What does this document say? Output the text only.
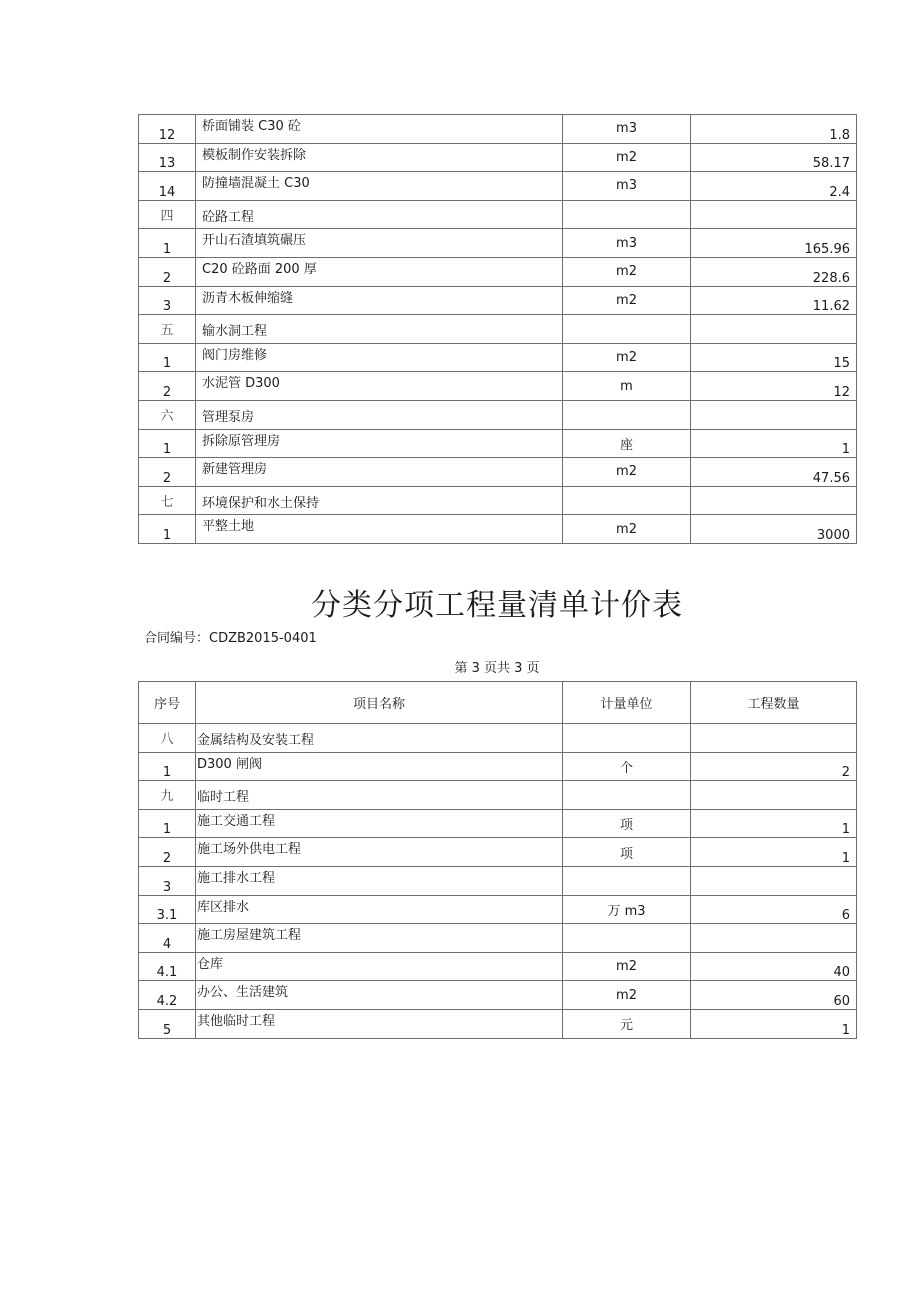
12	桥面铺装 C30 砼	m3	1.8
13	模板制作安装拆除	m2	58.17
14	防撞墙混凝土 C30	m3	2.4
四	砼路工程		
1	开山石渣填筑碾压	m3	165.96
2	C20 砼路面 200 厚	m2	228.6
3	沥青木板伸缩缝	m2	11.62
五	输水洞工程		
1	阀门房维修	m2	15
2	水泥管 D300	m	12
六	管理泵房		
1	拆除原管理房	座	1
2	新建管理房	m2	47.56
七	环境保护和水土保持		
1	平整土地	m2	3000
分类分项工程量清单计价表
合同编号：CDZB2015-0401
第 3 页共 3 页
序号	项目名称	计量单位	工程数量
八	金属结构及安装工程		
1	D300 闸阀	个	2
九	临时工程		
1	施工交通工程	项	1
2	施工场外供电工程	项	1
3	施工排水工程		
3.1	库区排水	万 m3	6
4	施工房屋建筑工程		
4.1	仓库	m2	40
4.2	办公、生活建筑	m2	60
5	其他临时工程	元	1
